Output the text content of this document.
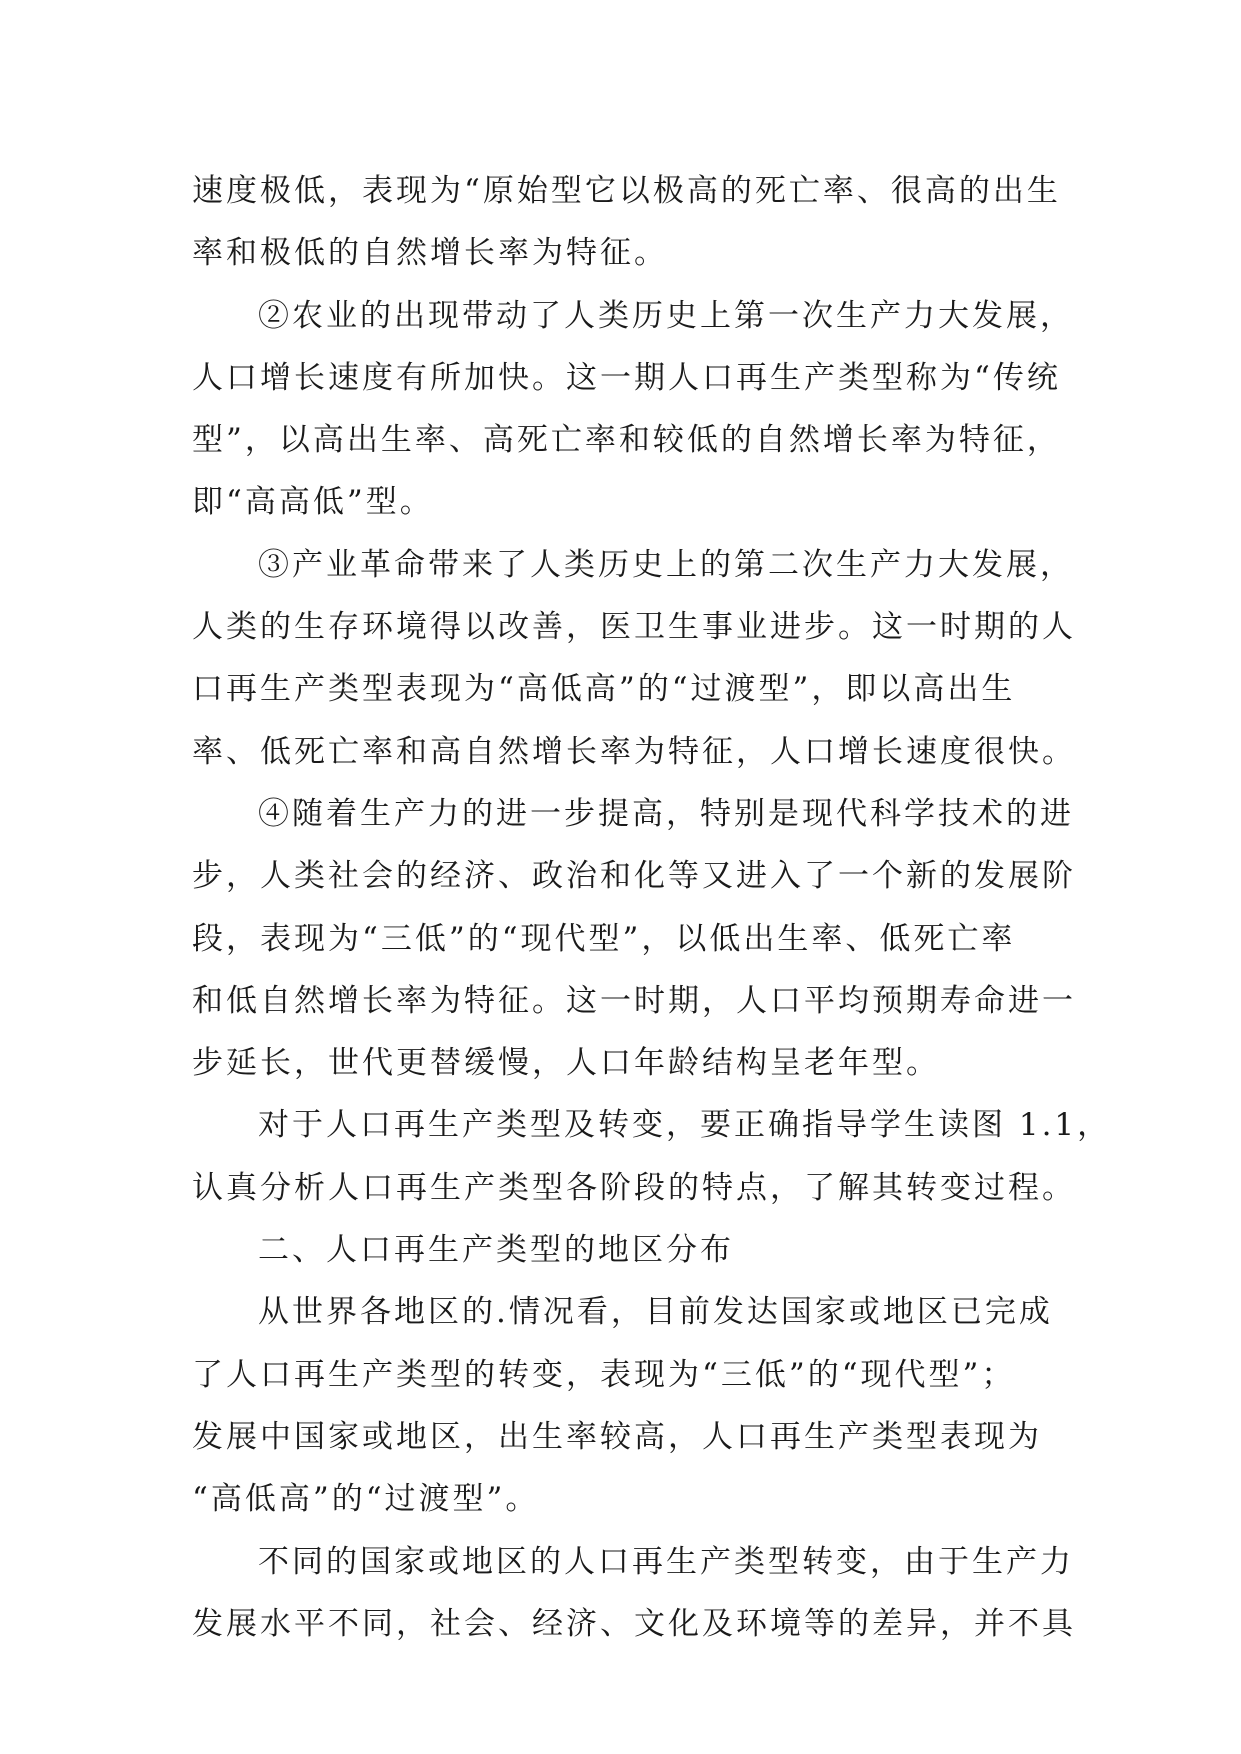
速度极低，表现为“原始型它以极高的死亡率、很高的出生
率和极低的自然增长率为特征。
②农业的出现带动了人类历史上第一次生产力大发展，
人口增长速度有所加快。这一期人口再生产类型称为“传统
型”，以高出生率、高死亡率和较低的自然增长率为特征，
即“高高低”型。
③产业革命带来了人类历史上的第二次生产力大发展，
人类的生存环境得以改善，医卫生事业进步。这一时期的人
口再生产类型表现为“高低高”的“过渡型”，即以高出生
率、低死亡率和高自然增长率为特征，人口增长速度很快。
④随着生产力的进一步提高，特别是现代科学技术的进
步，人类社会的经济、政治和化等又进入了一个新的发展阶
段，表现为“三低”的“现代型”，以低出生率、低死亡率
和低自然增长率为特征。这一时期，人口平均预期寿命进一
步延长，世代更替缓慢，人口年龄结构呈老年型。
对于人口再生产类型及转变，要正确指导学生读图 1.1，
认真分析人口再生产类型各阶段的特点，了解其转变过程。
二、人口再生产类型的地区分布
从世界各地区的.情况看，目前发达国家或地区已完成
了人口再生产类型的转变，表现为“三低”的“现代型”；
发展中国家或地区，出生率较高，人口再生产类型表现为
“高低高”的“过渡型”。
不同的国家或地区的人口再生产类型转变，由于生产力
发展水平不同，社会、经济、文化及环境等的差异，并不具
